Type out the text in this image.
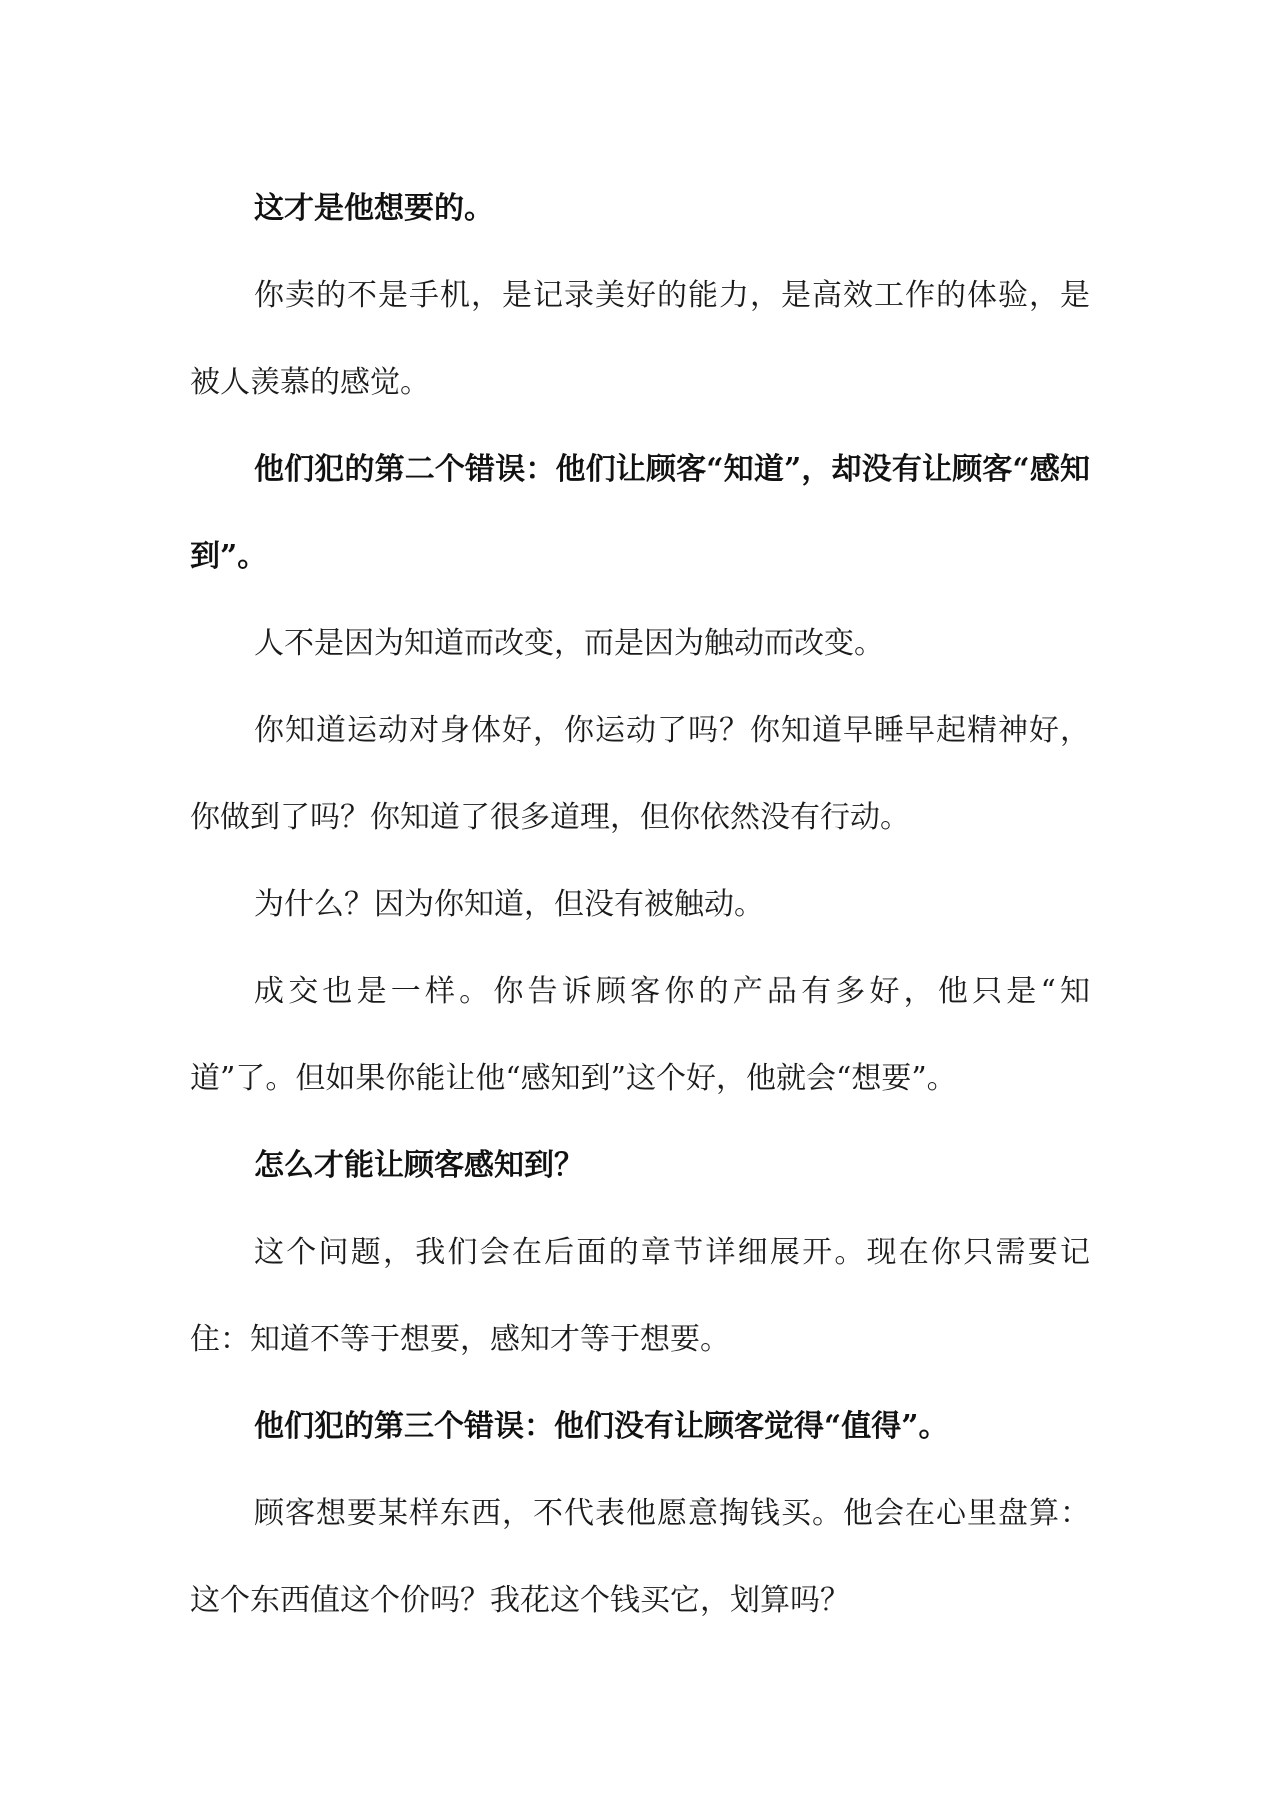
这才是他想要的。

你卖的不是手机，是记录美好的能力，是高效工作的体验，是被人羡慕的感觉。

他们犯的第二个错误：他们让顾客“知道”，却没有让顾客“感知到”。

人不是因为知道而改变，而是因为触动而改变。

你知道运动对身体好，你运动了吗？你知道早睡早起精神好，你做到了吗？你知道了很多道理，但你依然没有行动。

为什么？因为你知道，但没有被触动。

成交也是一样。你告诉顾客你的产品有多好，他只是“知道”了。但如果你能让他“感知到”这个好，他就会“想要”。

怎么才能让顾客感知到？

这个问题，我们会在后面的章节详细展开。现在你只需要记住：知道不等于想要，感知才等于想要。

他们犯的第三个错误：他们没有让顾客觉得“值得”。

顾客想要某样东西，不代表他愿意掏钱买。他会在心里盘算：这个东西值这个价吗？我花这个钱买它，划算吗？
